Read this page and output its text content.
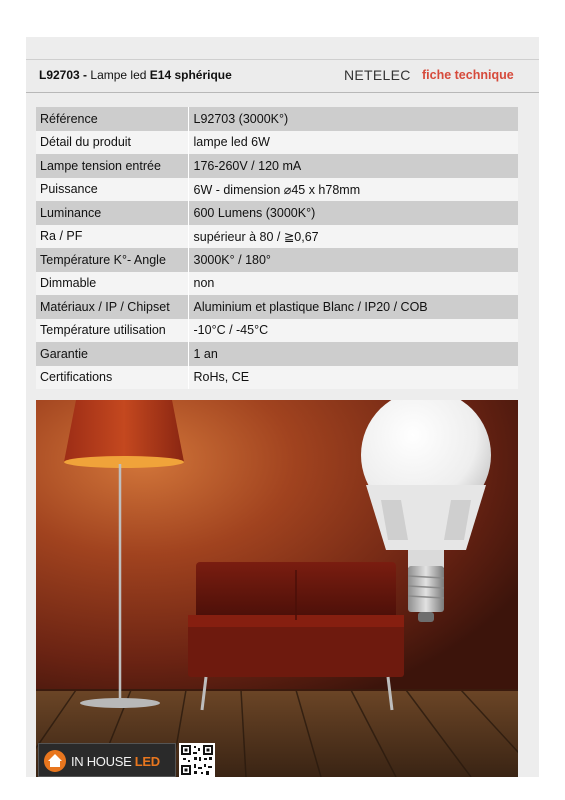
L92703 - Lampe led E14 sphérique	NETELEC fiche technique
Référence	L92703 (3000K°)
Détail du produit	lampe led 6W
Lampe tension entrée	176-260V / 120 mA
Puissance	6W - dimension ⌀45 x h78mm
Luminance	600 Lumens (3000K°)
Ra / PF	supérieur à 80 / ≧0,67
Température K°- Angle	3000K° / 180°
Dimmable	non
Matériaux / IP / Chipset	Aluminium et plastique Blanc / IP20 / COB
Température utilisation	-10°C / -45°C
Garantie	1 an
Certifications	RoHs, CE
IN HOUSE LED
